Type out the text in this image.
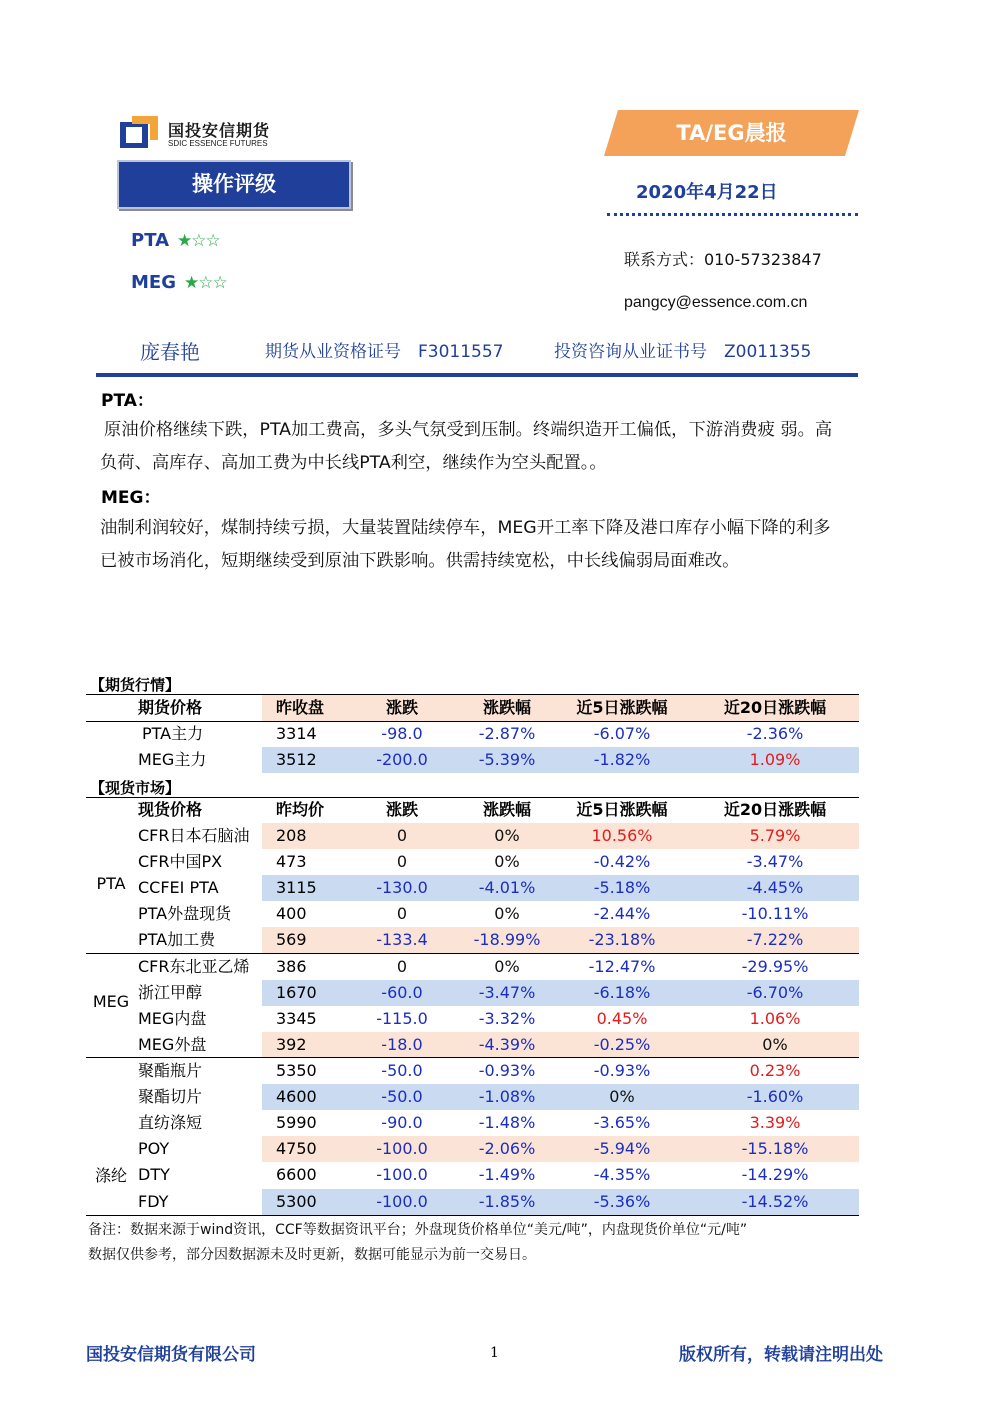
国投安信期货
SDIC ESSENCE FUTURES	TA/EG晨报
操作评级	2020年4月22日
PTA ★☆☆
MEG ★☆☆
联系方式：010-57323847
pangcy@essence.com.cn
庞春艳	期货从业资格证号　F3011557	投资咨询从业证书号　Z0011355
PTA：
原油价格继续下跌，PTA加工费高，多头气氛受到压制。终端织造开工偏低，下游消费疲 弱。高负荷、高库存、高加工费为中长线PTA利空，继续作为空头配置。。
MEG：
油制利润较好，煤制持续亏损，大量装置陆续停车，MEG开工率下降及港口库存小幅下降的利多已被市场消化，短期继续受到原油下跌影响。供需持续宽松，中长线偏弱局面难改。
【期货行情】
期货价格	昨收盘	涨跌	涨跌幅	近5日涨跌幅	近20日涨跌幅
PTA主力	3314	-98.0	-2.87%	-6.07%	-2.36%
MEG主力	3512	-200.0	-5.39%	-1.82%	1.09%
【现货市场】
现货价格	昨均价	涨跌	涨跌幅	近5日涨跌幅	近20日涨跌幅
PTA
CFR日本石脑油	208	0	0%	10.56%	5.79%
CFR中国PX	473	0	0%	-0.42%	-3.47%
CCFEI PTA	3115	-130.0	-4.01%	-5.18%	-4.45%
PTA外盘现货	400	0	0%	-2.44%	-10.11%
PTA加工费	569	-133.4	-18.99%	-23.18%	-7.22%
MEG
CFR东北亚乙烯	386	0	0%	-12.47%	-29.95%
浙江甲醇	1670	-60.0	-3.47%	-6.18%	-6.70%
MEG内盘	3345	-115.0	-3.32%	0.45%	1.06%
MEG外盘	392	-18.0	-4.39%	-0.25%	0%
涤纶
聚酯瓶片	5350	-50.0	-0.93%	-0.93%	0.23%
聚酯切片	4600	-50.0	-1.08%	0%	-1.60%
直纺涤短	5990	-90.0	-1.48%	-3.65%	3.39%
POY	4750	-100.0	-2.06%	-5.94%	-15.18%
DTY	6600	-100.0	-1.49%	-4.35%	-14.29%
FDY	5300	-100.0	-1.85%	-5.36%	-14.52%
备注：数据来源于wind资讯，CCF等数据资讯平台；外盘现货价格单位“美元/吨”，内盘现货价单位“元/吨”
数据仅供参考，部分因数据源未及时更新，数据可能显示为前一交易日。
国投安信期货有限公司	1	版权所有，转载请注明出处
